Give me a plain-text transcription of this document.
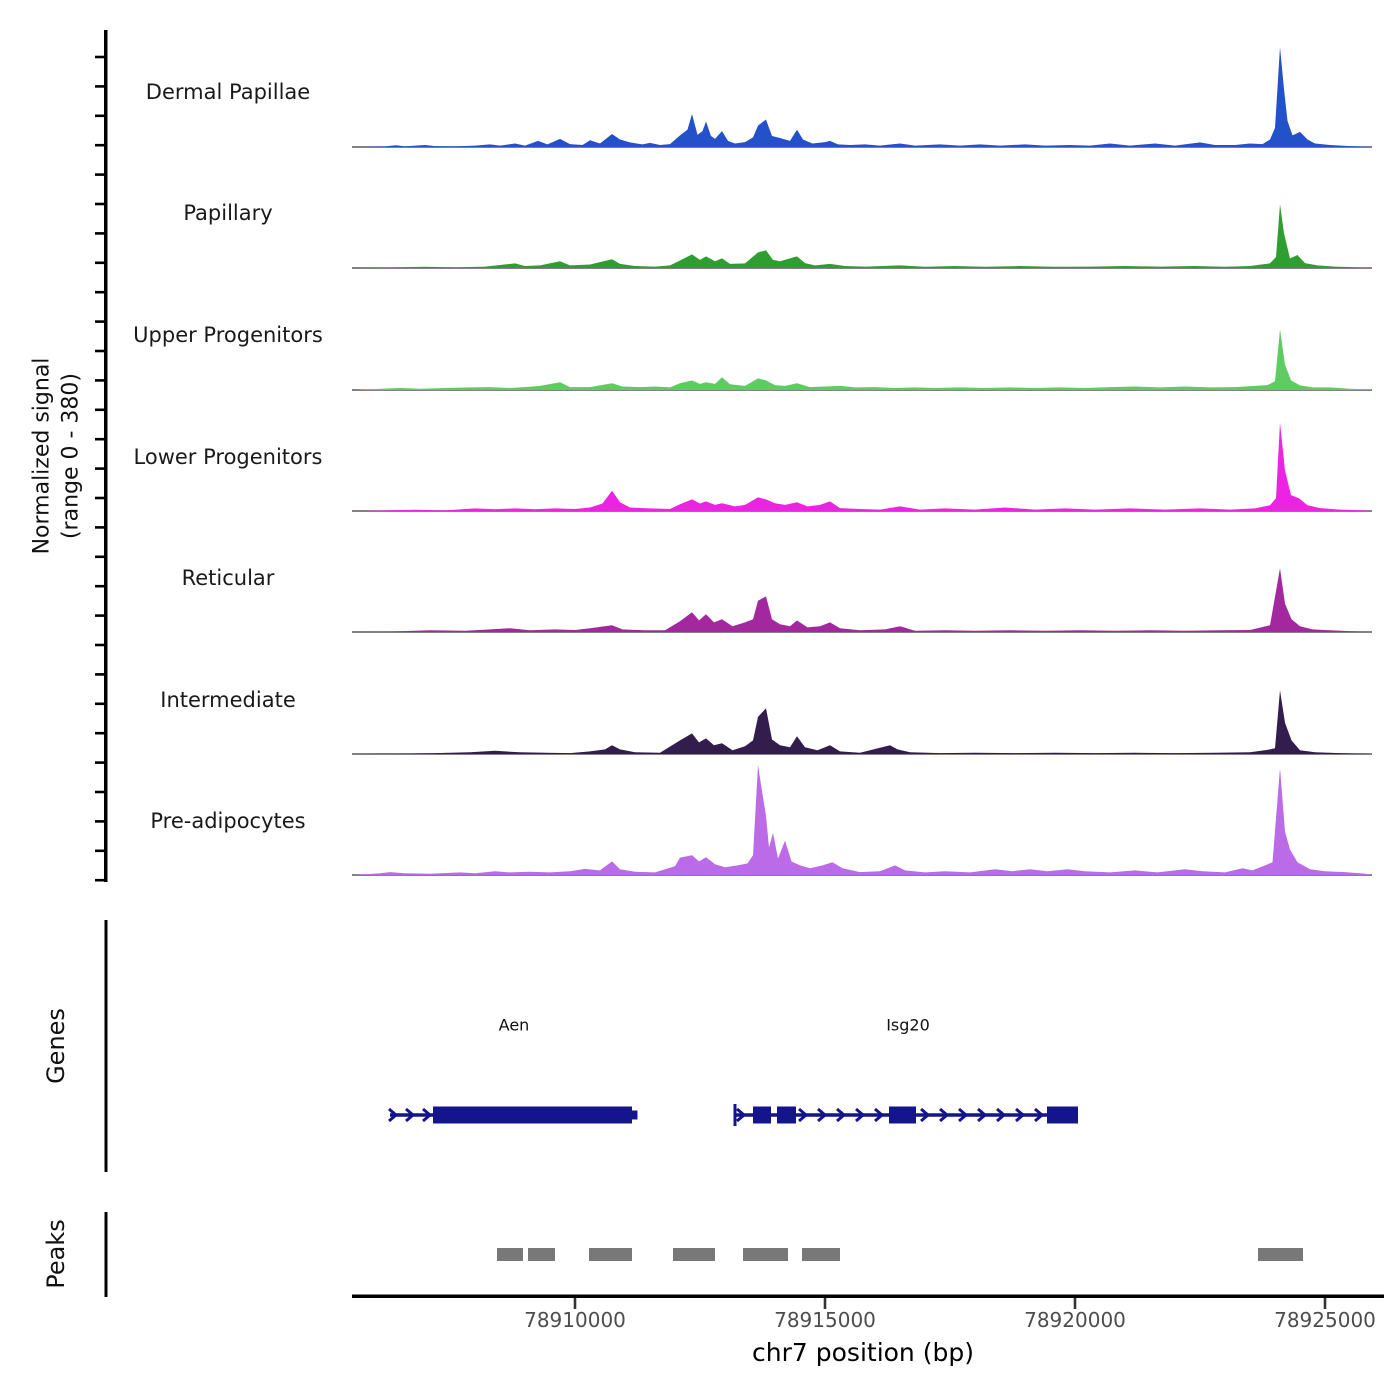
Normalized signal (range 0 - 380)
Dermal Papillae
Papillary
Upper Progenitors
Lower Progenitors
Reticular
Intermediate
Pre-adipocytes
Genes
Peaks
Aen	Isg20
78910000	78915000	78920000	78925000
chr7 position (bp)
